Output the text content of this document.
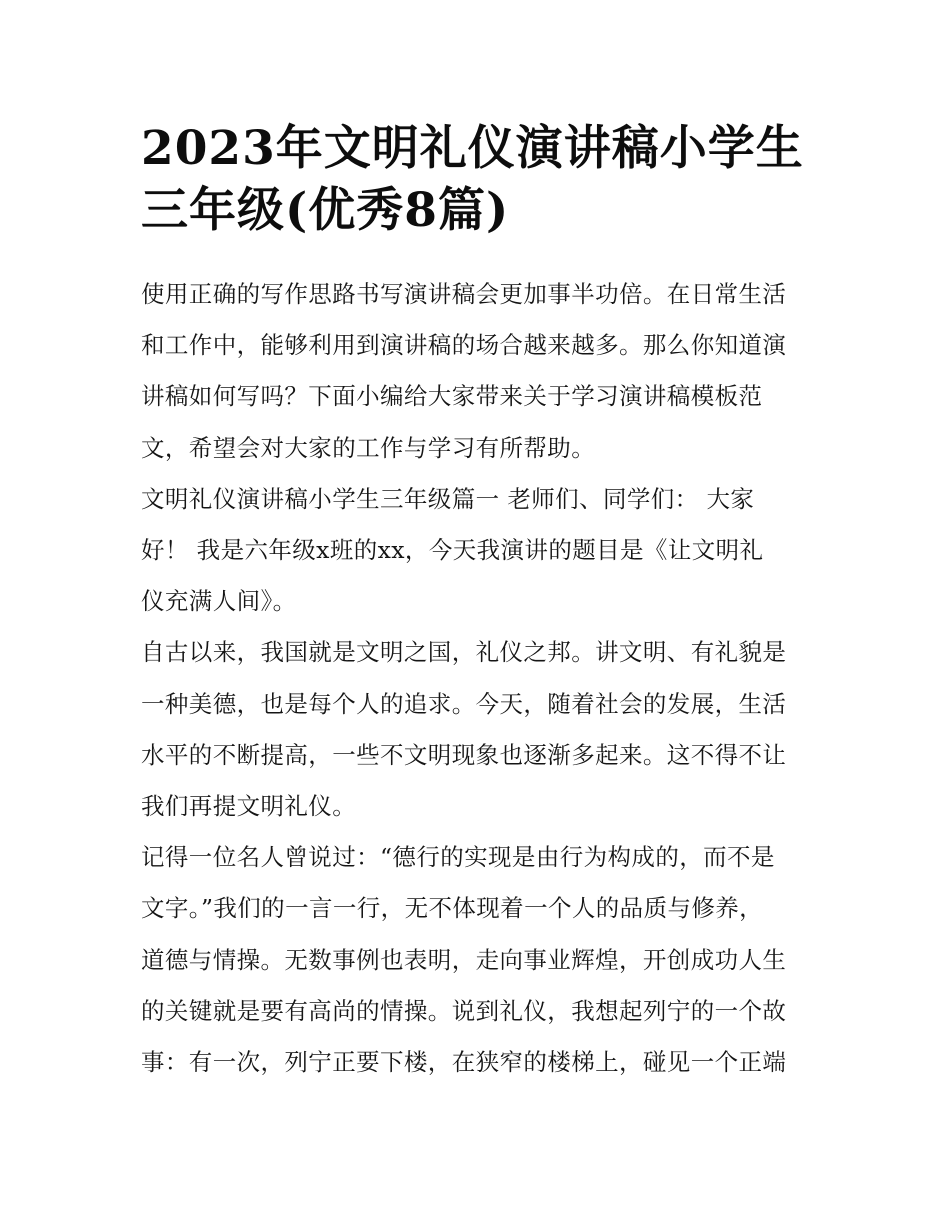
2023年文明礼仪演讲稿小学生
三年级(优秀8篇)

使用正确的写作思路书写演讲稿会更加事半功倍。在日常生活
和工作中，能够利用到演讲稿的场合越来越多。那么你知道演
讲稿如何写吗？下面小编给大家带来关于学习演讲稿模板范
文，希望会对大家的工作与学习有所帮助。

文明礼仪演讲稿小学生三年级篇一 老师们、同学们： 大家
好！ 我是六年级x班的xx，今天我演讲的题目是《让文明礼
仪充满人间》。

自古以来，我国就是文明之国，礼仪之邦。讲文明、有礼貌是
一种美德，也是每个人的追求。今天，随着社会的发展，生活
水平的不断提高，一些不文明现象也逐渐多起来。这不得不让
我们再提文明礼仪。

记得一位名人曾说过：“德行的实现是由行为构成的，而不是
文字。”我们的一言一行，无不体现着一个人的品质与修养，
道德与情操。无数事例也表明，走向事业辉煌，开创成功人生
的关键就是要有高尚的情操。说到礼仪，我想起列宁的一个故
事：有一次，列宁正要下楼，在狭窄的楼梯上，碰见一个正端
